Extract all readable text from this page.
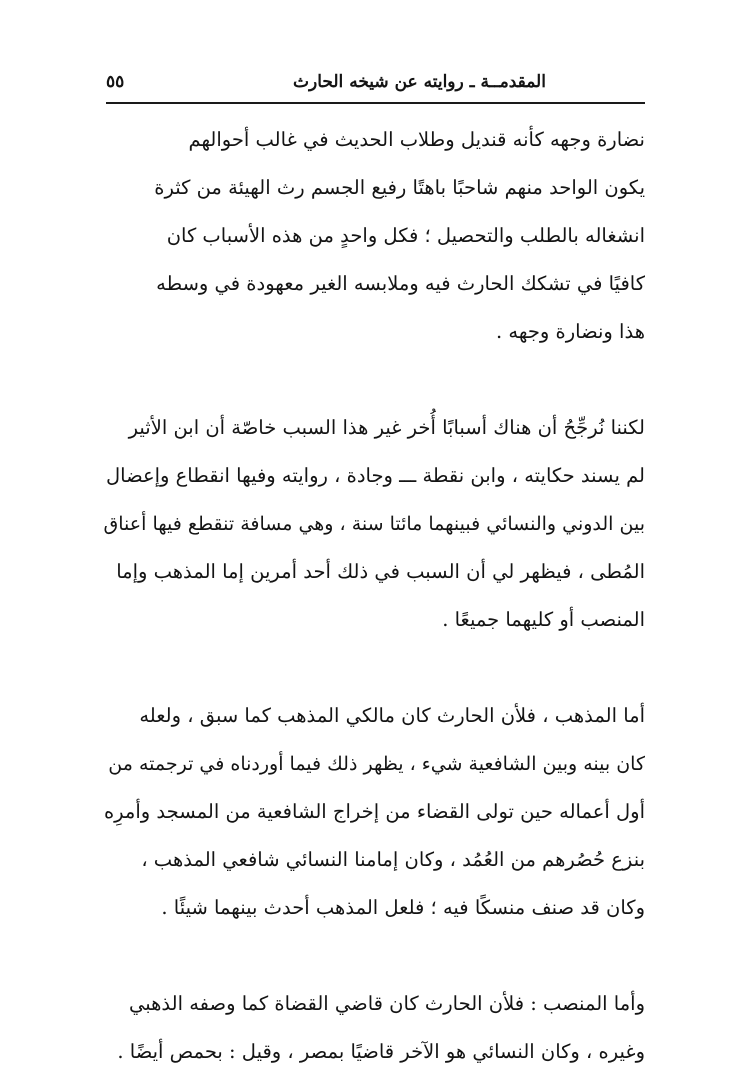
المقدمــة ـ روايته عن شيخه الحارث
٥٥
نضارة وجهه كأنه قنديل وطلاب الحديث في غالب أحوالهم
يكون الواحد منهم شاحبًا باهتًا رفيع الجسم رث الهيئة من كثرة
انشغاله بالطلب والتحصيل ؛ فكل واحدٍ من هذه الأسباب كان
كافيًا في تشكك الحارث فيه وملابسه الغير معهودة في وسطه
هذا ونضارة وجهه .
لكننا نُرجِّحُ أن هناك أسبابًا أُخر غير هذا السبب خاصّة أن ابن الأثير
لم يسند حكايته ، وابن نقطة ـــ وجادة ، روايته وفيها انقطاع وإعضال
بين الدوني والنسائي فبينهما مائتا سنة ، وهي مسافة تنقطع فيها أعناق
المُطى ، فيظهر لي أن السبب في ذلك أحد أمرين إما المذهب وإما
المنصب أو كليهما جميعًا .
أما المذهب ، فلأن الحارث كان مالكي المذهب كما سبق ، ولعله
كان بينه وبين الشافعية شيء ، يظهر ذلك فيما أوردناه في ترجمته من
أول أعماله حين تولى القضاء من إخراج الشافعية من المسجد وأمرِه
بنزع حُصُرهم من العُمُد ، وكان إمامنا النسائي شافعي المذهب ،
وكان قد صنف منسكًا فيه ؛ فلعل المذهب أحدث بينهما شيئًا .
وأما المنصب : فلأن الحارث كان قاضي القضاة كما وصفه الذهبي
وغيره ، وكان النسائي هو الآخر قاضيًا بمصر ، وقيل : بحمص أيضًا .
